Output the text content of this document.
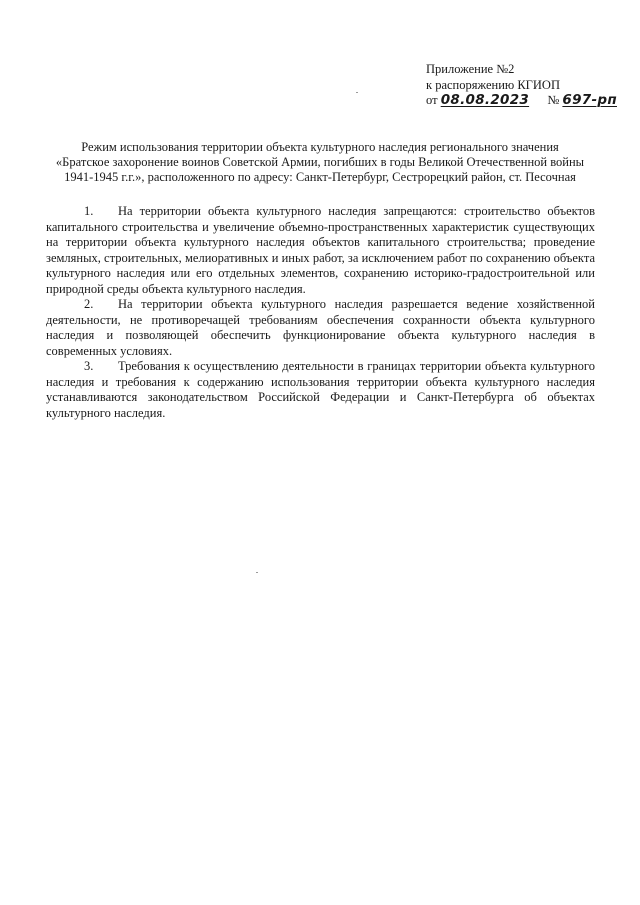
Приложение №2
к распоряжению КГИОП
от 08.08.2023 № 697-рп
Режим использования территории объекта культурного наследия регионального значения
«Братское захоронение воинов Советской Армии, погибших в годы Великой Отечественной войны
1941-1945 г.г.», расположенного по адресу: Санкт-Петербург, Сестрорецкий район, ст. Песочная

1. На территории объекта культурного наследия запрещаются: строительство объектов капитального строительства и увеличение объемно-пространственных характеристик существующих на территории объекта культурного наследия объектов капитального строительства; проведение земляных, строительных, мелиоративных и иных работ, за исключением работ по сохранению объекта культурного наследия или его отдельных элементов, сохранению историко-градостроительной или природной среды объекта культурного наследия.

2. На территории объекта культурного наследия разрешается ведение хозяйственной деятельности, не противоречащей требованиям обеспечения сохранности объекта культурного наследия и позволяющей обеспечить функционирование объекта культурного наследия в современных условиях.

3. Требования к осуществлению деятельности в границах территории объекта культурного наследия и требования к содержанию использования территории объекта культурного наследия устанавливаются законодательством Российской Федерации и Санкт-Петербурга об объектах культурного наследия.
